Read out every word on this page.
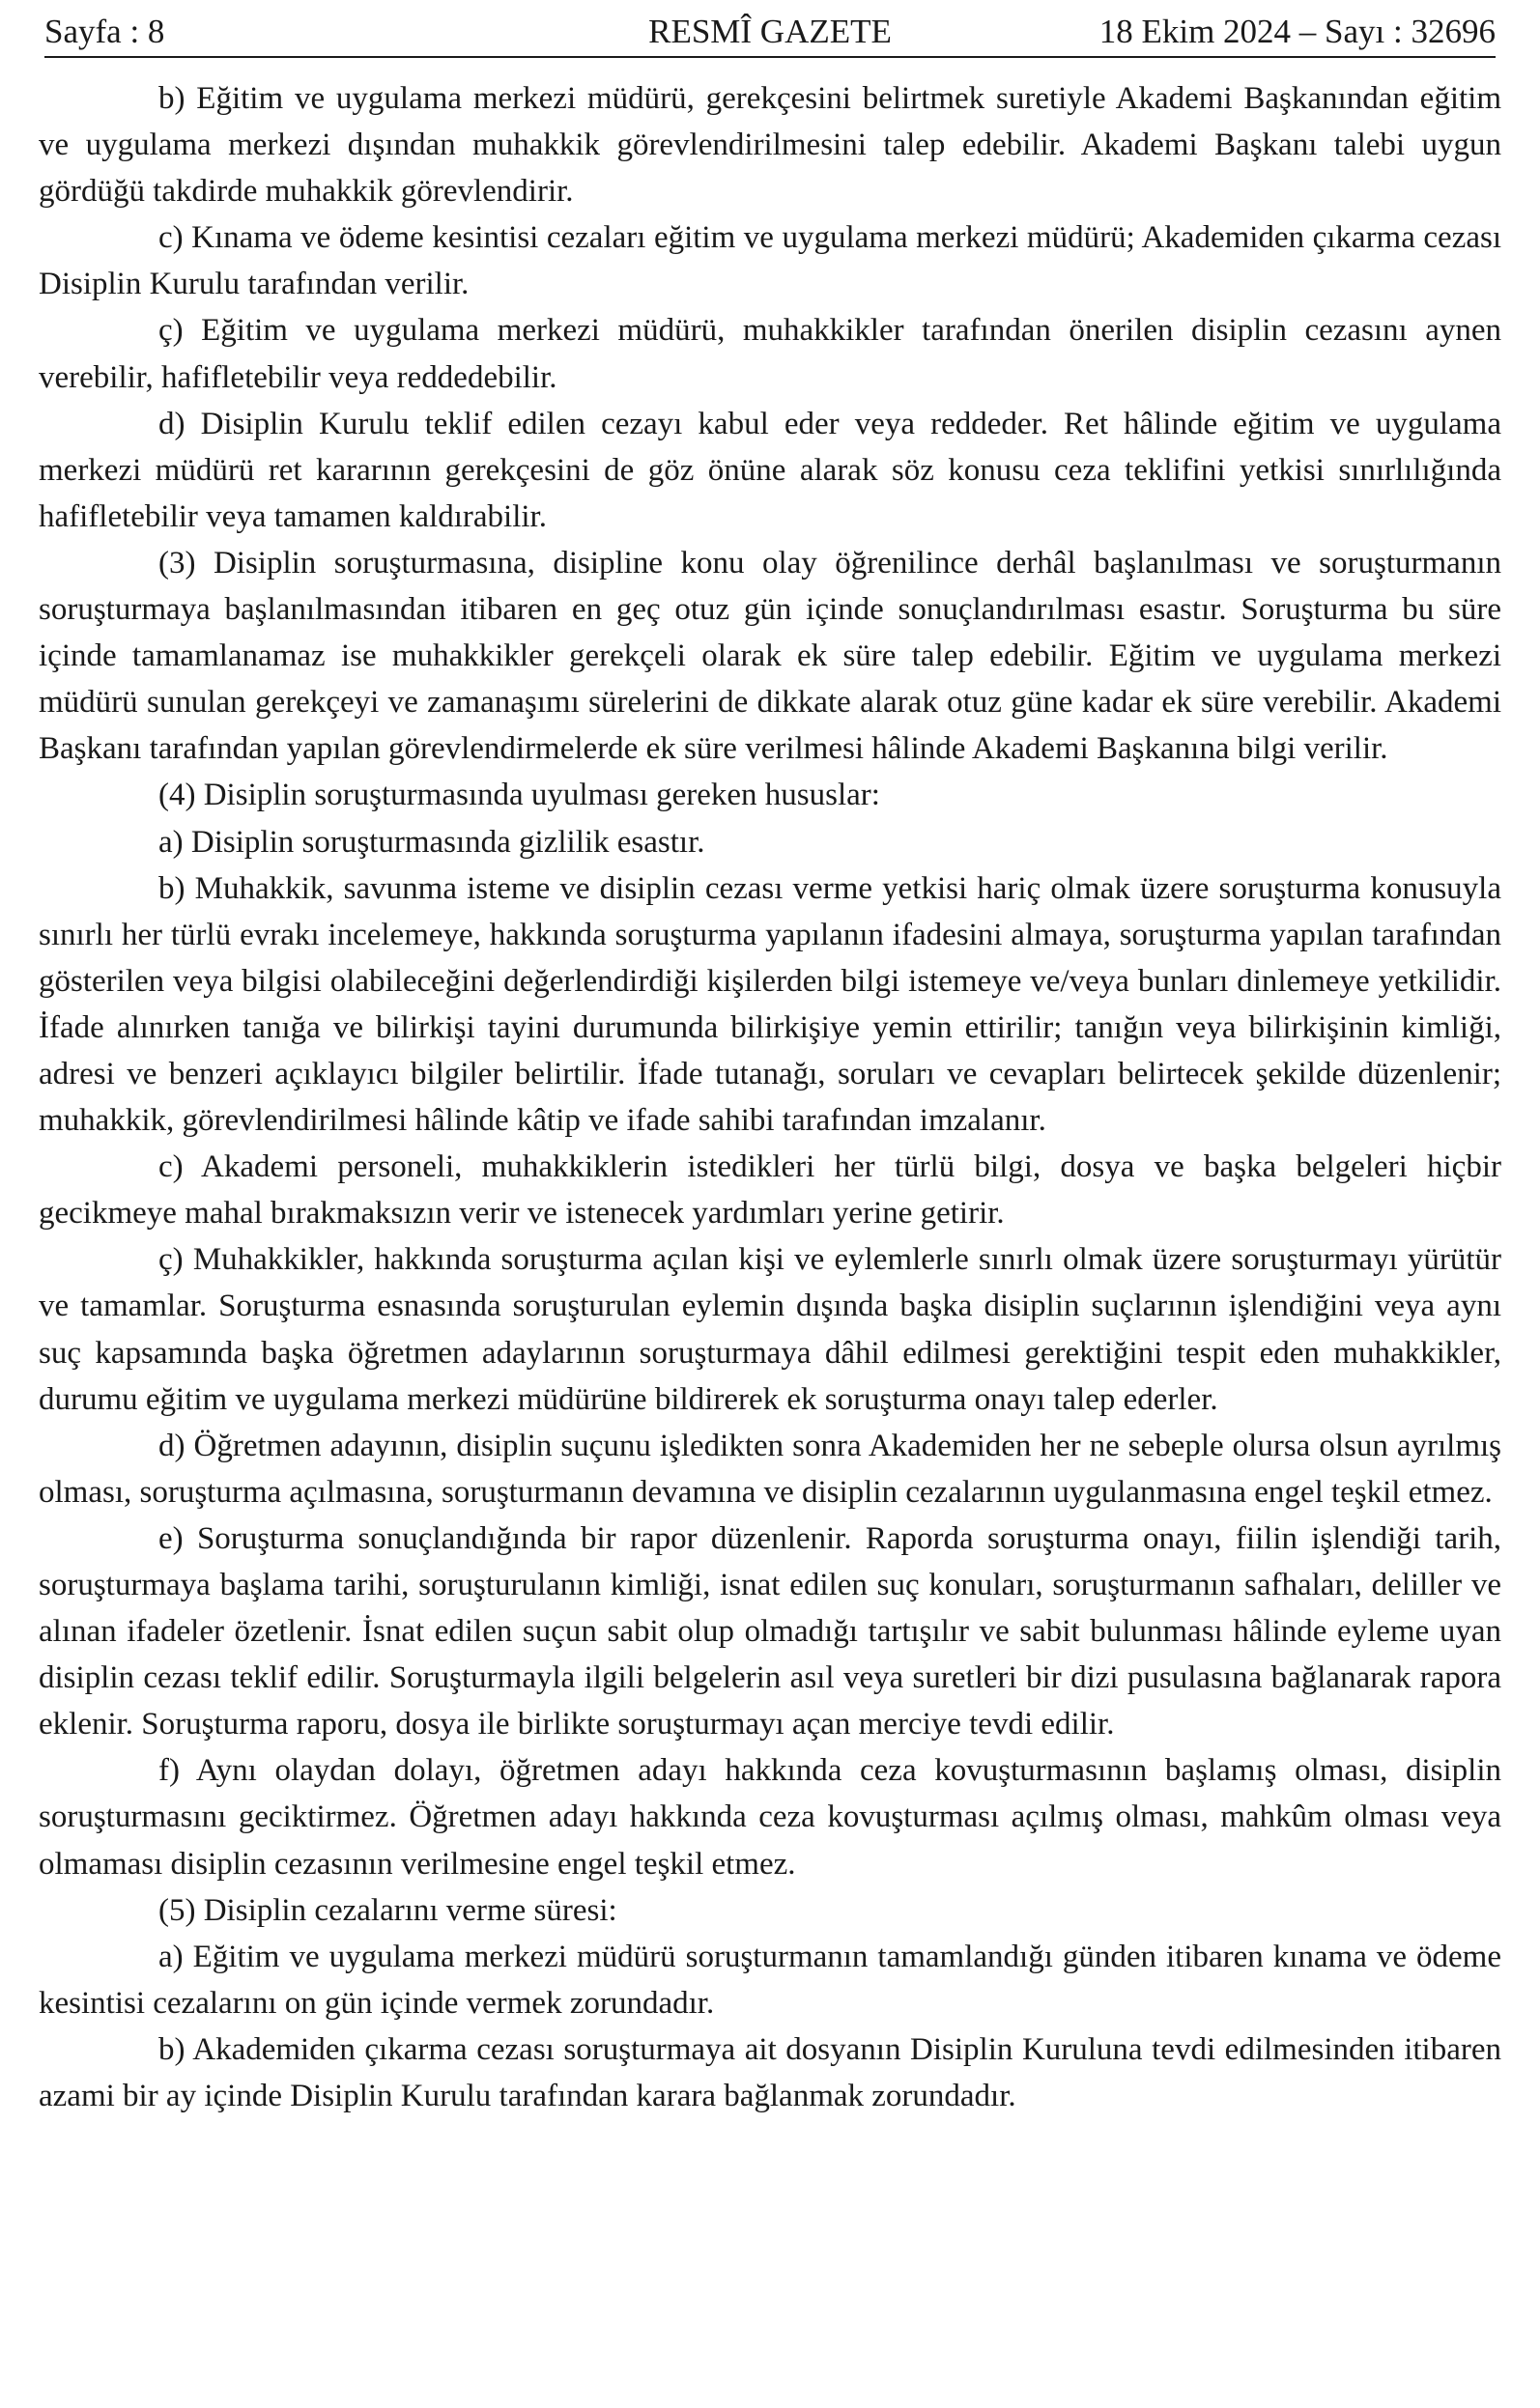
Sayfa : 8	RESMÎ GAZETE	18 Ekim 2024 – Sayı : 32696

b) Eğitim ve uygulama merkezi müdürü, gerekçesini belirtmek suretiyle Akademi Başkanından eğitim ve uygulama merkezi dışından muhakkik görevlendirilmesini talep edebilir. Akademi Başkanı talebi uygun gördüğü takdirde muhakkik görevlendirir.

c) Kınama ve ödeme kesintisi cezaları eğitim ve uygulama merkezi müdürü; Akademiden çıkarma cezası Disiplin Kurulu tarafından verilir.

ç) Eğitim ve uygulama merkezi müdürü, muhakkikler tarafından önerilen disiplin cezasını aynen verebilir, hafifletebilir veya reddedebilir.

d) Disiplin Kurulu teklif edilen cezayı kabul eder veya reddeder. Ret hâlinde eğitim ve uygulama merkezi müdürü ret kararının gerekçesini de göz önüne alarak söz konusu ceza teklifini yetkisi sınırlılığında hafifletebilir veya tamamen kaldırabilir.

(3) Disiplin soruşturmasına, disipline konu olay öğrenilince derhâl başlanılması ve soruşturmanın soruşturmaya başlanılmasından itibaren en geç otuz gün içinde sonuçlandırılması esastır. Soruşturma bu süre içinde tamamlanamaz ise muhakkikler gerekçeli olarak ek süre talep edebilir. Eğitim ve uygulama merkezi müdürü sunulan gerekçeyi ve zamanaşımı sürelerini de dikkate alarak otuz güne kadar ek süre verebilir. Akademi Başkanı tarafından yapılan görevlendirmelerde ek süre verilmesi hâlinde Akademi Başkanına bilgi verilir.

(4) Disiplin soruşturmasında uyulması gereken hususlar:

a) Disiplin soruşturmasında gizlilik esastır.

b) Muhakkik, savunma isteme ve disiplin cezası verme yetkisi hariç olmak üzere soruşturma konusuyla sınırlı her türlü evrakı incelemeye, hakkında soruşturma yapılanın ifadesini almaya, soruşturma yapılan tarafından gösterilen veya bilgisi olabileceğini değerlendirdiği kişilerden bilgi istemeye ve/veya bunları dinlemeye yetkilidir. İfade alınırken tanığa ve bilirkişi tayini durumunda bilirkişiye yemin ettirilir; tanığın veya bilirkişinin kimliği, adresi ve benzeri açıklayıcı bilgiler belirtilir. İfade tutanağı, soruları ve cevapları belirtecek şekilde düzenlenir; muhakkik, görevlendirilmesi hâlinde kâtip ve ifade sahibi tarafından imzalanır.

c) Akademi personeli, muhakkiklerin istedikleri her türlü bilgi, dosya ve başka belgeleri hiçbir gecikmeye mahal bırakmaksızın verir ve istenecek yardımları yerine getirir.

ç) Muhakkikler, hakkında soruşturma açılan kişi ve eylemlerle sınırlı olmak üzere soruşturmayı yürütür ve tamamlar. Soruşturma esnasında soruşturulan eylemin dışında başka disiplin suçlarının işlendiğini veya aynı suç kapsamında başka öğretmen adaylarının soruşturmaya dâhil edilmesi gerektiğini tespit eden muhakkikler, durumu eğitim ve uygulama merkezi müdürüne bildirerek ek soruşturma onayı talep ederler.

d) Öğretmen adayının, disiplin suçunu işledikten sonra Akademiden her ne sebeple olursa olsun ayrılmış olması, soruşturma açılmasına, soruşturmanın devamına ve disiplin cezalarının uygulanmasına engel teşkil etmez.

e) Soruşturma sonuçlandığında bir rapor düzenlenir. Raporda soruşturma onayı, fiilin işlendiği tarih, soruşturmaya başlama tarihi, soruşturulanın kimliği, isnat edilen suç konuları, soruşturmanın safhaları, deliller ve alınan ifadeler özetlenir. İsnat edilen suçun sabit olup olmadığı tartışılır ve sabit bulunması hâlinde eyleme uyan disiplin cezası teklif edilir. Soruşturmayla ilgili belgelerin asıl veya suretleri bir dizi pusulasına bağlanarak rapora eklenir. Soruşturma raporu, dosya ile birlikte soruşturmayı açan merciye tevdi edilir.

f) Aynı olaydan dolayı, öğretmen adayı hakkında ceza kovuşturmasının başlamış olması, disiplin soruşturmasını geciktirmez. Öğretmen adayı hakkında ceza kovuşturması açılmış olması, mahkûm olması veya olmaması disiplin cezasının verilmesine engel teşkil etmez.

(5) Disiplin cezalarını verme süresi:

a) Eğitim ve uygulama merkezi müdürü soruşturmanın tamamlandığı günden itibaren kınama ve ödeme kesintisi cezalarını on gün içinde vermek zorundadır.

b) Akademiden çıkarma cezası soruşturmaya ait dosyanın Disiplin Kuruluna tevdi edilmesinden itibaren azami bir ay içinde Disiplin Kurulu tarafından karara bağlanmak zorundadır.
